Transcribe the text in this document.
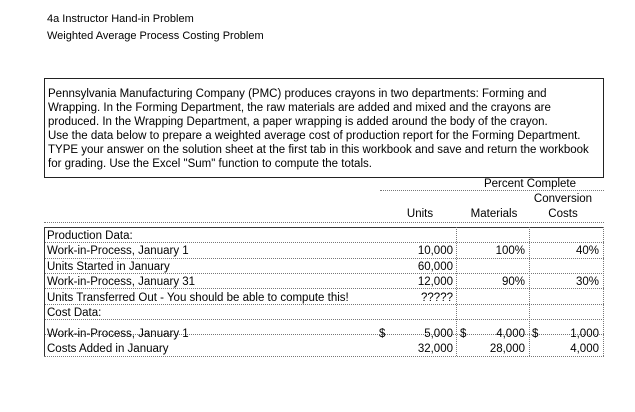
4a Instructor Hand-in Problem
Weighted Average Process Costing Problem
Pennsylvania Manufacturing Company (PMC) produces crayons in two departments: Forming and
Wrapping. In the Forming Department, the raw materials are added and mixed and the crayons are
produced. In the Wrapping Department, a paper wrapping is added around the body of the crayon.
Use the data below to prepare a weighted average cost of production report for the Forming Department.
TYPE your answer on the solution sheet at the first tab in this workbook and save and return the workbook
for grading. Use the Excel "Sum" function to compute the totals.
Percent Complete
Conversion
Units	Materials	Costs
Production Data:
Work-in-Process, January 1	10,000	100%	40%
Units Started in January	60,000
Work-in-Process, January 31	12,000	90%	30%
Units Transferred Out - You should be able to compute this!	?????
Cost Data:
Work-in-Process, January 1	$	5,000 $	4,000 $	1,000
Costs Added in January	32,000	28,000	4,000
